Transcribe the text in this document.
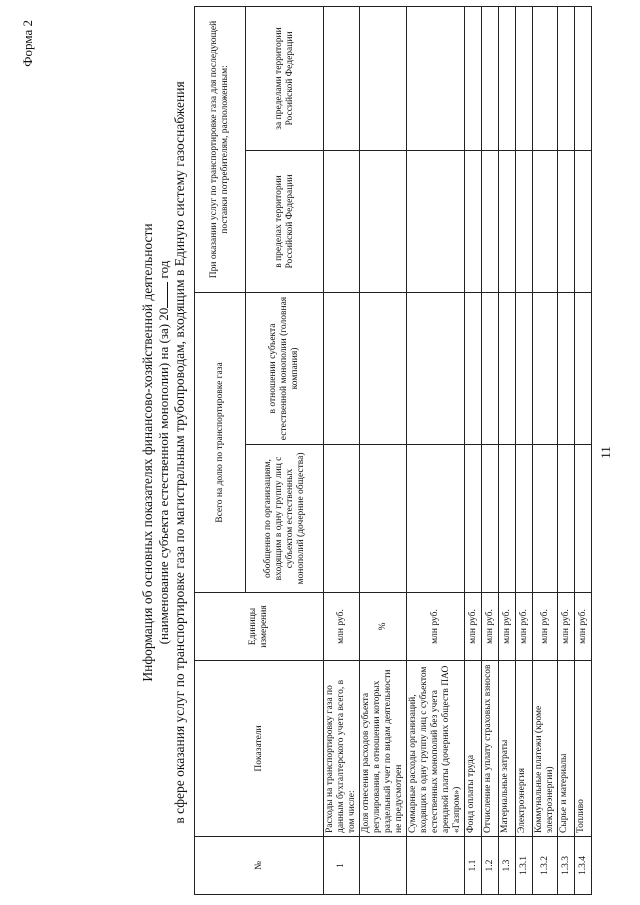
11
Форма 2
Информация об основных показателях финансово-хозяйственной деятельности (наименование субъекта естественной монополии) на (за) 20 год в сфере оказания услуг по транспортировке газа по магистральным трубопроводам, входящим в Единую систему газоснабжения
№	Показатели	Единицы измерения	Всего на долю по транспортировке газа		При оказании услуг по транспортировке газа для последующей поставки потребителям, расположенным:	
			обобщенно по организациям, входящим в одну группу лиц с субъектом естественных монополий (дочерние общества)	в отношении субъекта естественной монополии (головная компания)	в пределах территории Российской Федерации	за пределами территории Российской Федерации
1	Расходы на транспортировку газа по данным бухгалтерского учета всего, в том числе:	млн руб.				
	Доля отнесения расходов субъекта регулирования, в отношении которых раздельный учет по видам деятельности не предусмотрен	%				
	Суммарные расходы организаций, входящих в одну группу лиц с субъектом естественных монополий без учета арендной платы (дочерних обществ ПАО «Газпром»)	млн руб.				
1.1	Фонд оплаты труда	млн руб.				
1.2	Отчисление на уплату страховых взносов	млн руб.				
1.3	Материальные затраты	млн руб.				
1.3.1	Электроэнергия	млн руб.				
1.3.2	Коммунальные платежи (кроме электроэнергии)	млн руб.				
1.3.3	Сырье и материалы	млн руб.				
1.3.4	Топливо	млн руб.				
